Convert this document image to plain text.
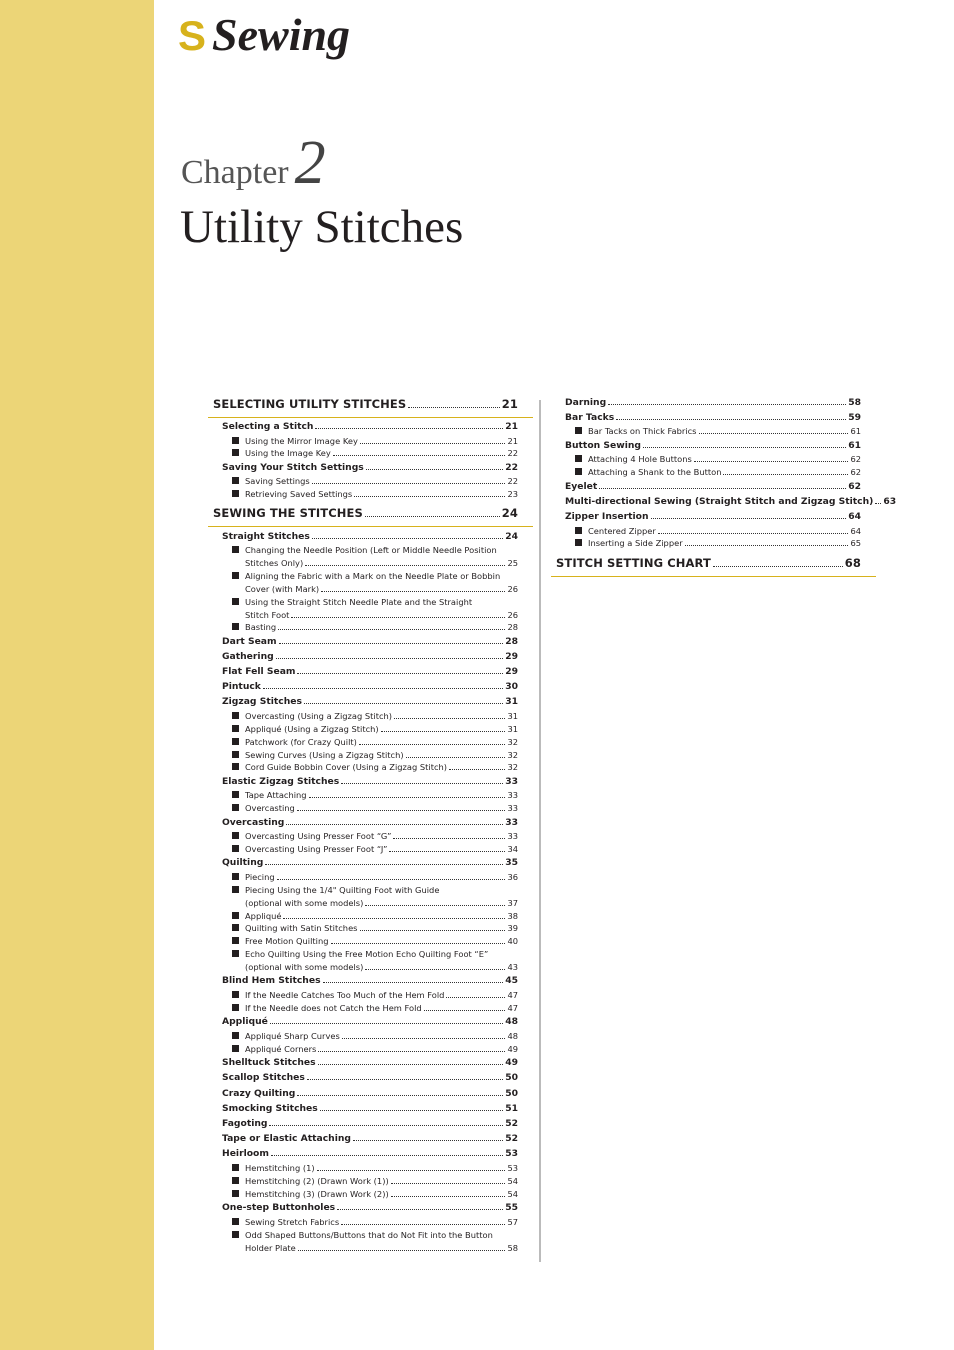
S Sewing
Chapter2
Utility Stitches
SELECTING UTILITY STITCHES	21
Selecting a Stitch	21
Using the Mirror Image Key	21
Using the Image Key	22
Saving Your Stitch Settings	22
Saving Settings	22
Retrieving Saved Settings	23
SEWING THE STITCHES	24
Straight Stitches	24
Changing the Needle Position (Left or Middle Needle Position
Stitches Only)	25
Aligning the Fabric with a Mark on the Needle Plate or Bobbin
Cover (with Mark)	26
Using the Straight Stitch Needle Plate and the Straight
Stitch Foot	26
Basting	28
Dart Seam	28
Gathering	29
Flat Fell Seam	29
Pintuck	30
Zigzag Stitches	31
Overcasting (Using a Zigzag Stitch)	31
Appliqué (Using a Zigzag Stitch)	31
Patchwork (for Crazy Quilt)	32
Sewing Curves (Using a Zigzag Stitch)	32
Cord Guide Bobbin Cover (Using a Zigzag Stitch)	32
Elastic Zigzag Stitches	33
Tape Attaching	33
Overcasting	33
Overcasting	33
Overcasting Using Presser Foot “G”	33
Overcasting Using Presser Foot “J”	34
Quilting	35
Piecing	36
Piecing Using the 1/4" Quilting Foot with Guide
(optional with some models)	37
Appliqué	38
Quilting with Satin Stitches	39
Free Motion Quilting	40
Echo Quilting Using the Free Motion Echo Quilting Foot “E”
(optional with some models)	43
Blind Hem Stitches	45
If the Needle Catches Too Much of the Hem Fold	47
If the Needle does not Catch the Hem Fold	47
Appliqué	48
Appliqué Sharp Curves	48
Appliqué Corners	49
Shelltuck Stitches	49
Scallop Stitches	50
Crazy Quilting	50
Smocking Stitches	51
Fagoting	52
Tape or Elastic Attaching	52
Heirloom	53
Hemstitching (1)	53
Hemstitching (2) (Drawn Work (1))	54
Hemstitching (3) (Drawn Work (2))	54
One-step Buttonholes	55
Sewing Stretch Fabrics	57
Odd Shaped Buttons/Buttons that do Not Fit into the Button
Holder Plate	58
Darning	58
Bar Tacks	59
Bar Tacks on Thick Fabrics	61
Button Sewing	61
Attaching 4 Hole Buttons	62
Attaching a Shank to the Button	62
Eyelet	62
Multi-directional Sewing (Straight Stitch and Zigzag Stitch) 63
Zipper Insertion	64
Centered Zipper	64
Inserting a Side Zipper	65
STITCH SETTING CHART	68
